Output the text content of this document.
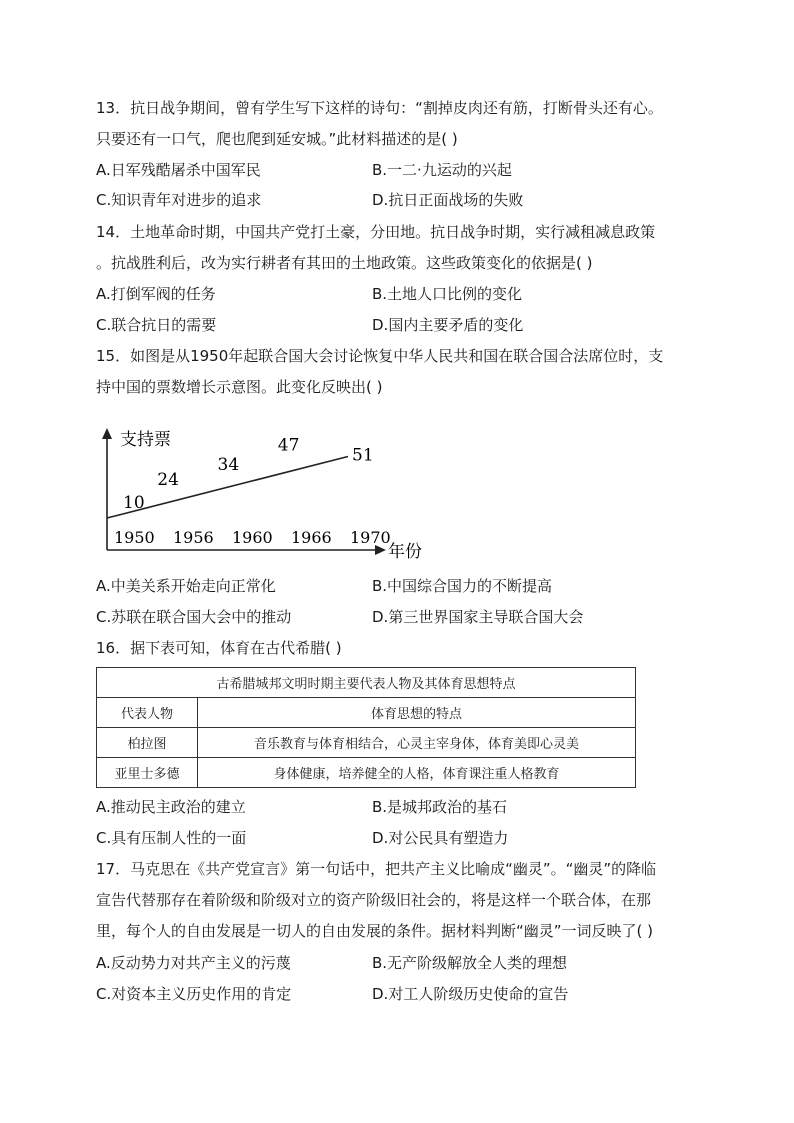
13．抗日战争期间，曾有学生写下这样的诗句：“割掉皮肉还有筋，打断骨头还有心。
只要还有一口气，爬也爬到延安城。”此材料描述的是( )
A.日军残酷屠杀中国军民	B.一二·九运动的兴起
C.知识青年对进步的追求	D.抗日正面战场的失败
14．土地革命时期，中国共产党打土豪，分田地。抗日战争时期，实行减租减息政策
。抗战胜利后，改为实行耕者有其田的土地政策。这些政策变化的依据是( )
A.打倒军阀的任务	B.土地人口比例的变化
C.联合抗日的需要	D.国内主要矛盾的变化
15．如图是从1950年起联合国大会讨论恢复中华人民共和国在联合国合法席位时，支
持中国的票数增长示意图。此变化反映出( )
支持票
年份
10
24
34
47	51
1950 1956 1960 1966 1970
A.中美关系开始走向正常化	B.中国综合国力的不断提高
C.苏联在联合国大会中的推动	D.第三世界国家主导联合国大会
16．据下表可知，体育在古代希腊( )
古希腊城邦文明时期主要代表人物及其体育思想特点	
代表人物	体育思想的特点
柏拉图	音乐教育与体育相结合，心灵主宰身体，体育美即心灵美
亚里士多德	身体健康，培养健全的人格，体育课注重人格教育
A.推动民主政治的建立	B.是城邦政治的基石
C.具有压制人性的一面	D.对公民具有塑造力
17．马克思在《共产党宣言》第一句话中，把共产主义比喻成“幽灵”。“幽灵”的降临
宣告代替那存在着阶级和阶级对立的资产阶级旧社会的，将是这样一个联合体，在那
里，每个人的自由发展是一切人的自由发展的条件。据材料判断“幽灵”一词反映了( )
A.反动势力对共产主义的污蔑	B.无产阶级解放全人类的理想
C.对资本主义历史作用的肯定	D.对工人阶级历史使命的宣告
